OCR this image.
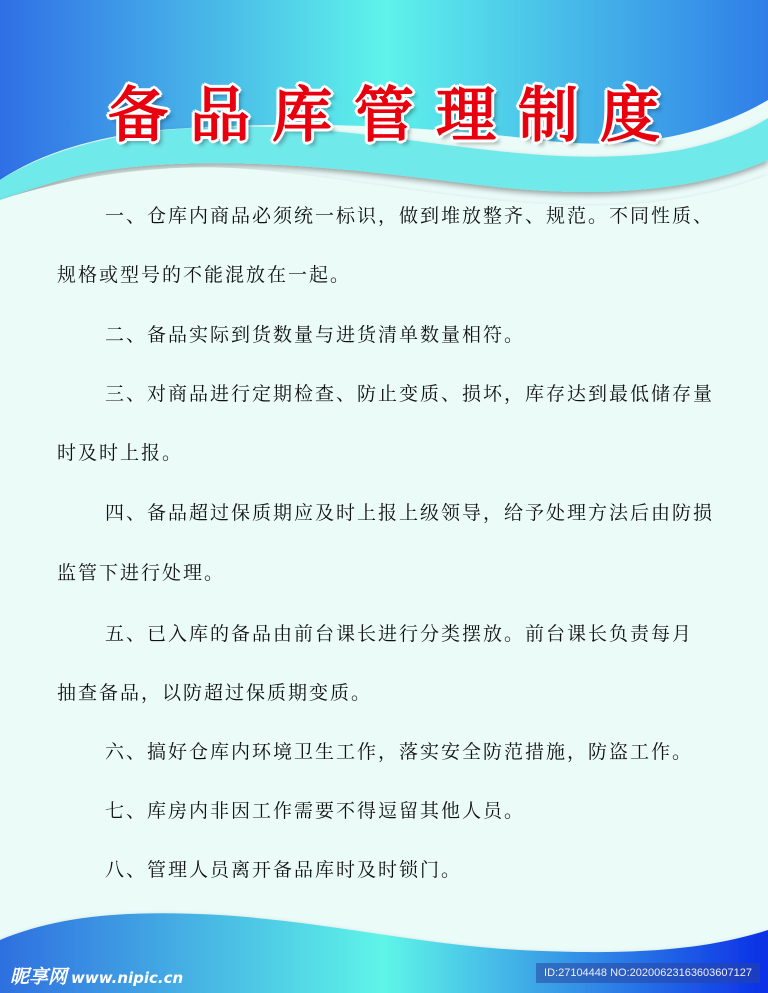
备品库管理制度
一、仓库内商品必须统一标识，做到堆放整齐、规范。不同性质、
规格或型号的不能混放在一起。
二、备品实际到货数量与进货清单数量相符。
三、对商品进行定期检查、防止变质、损坏，库存达到最低储存量
时及时上报。
四、备品超过保质期应及时上报上级领导，给予处理方法后由防损
监管下进行处理。
五、已入库的备品由前台课长进行分类摆放。前台课长负责每月
抽查备品，以防超过保质期变质。
六、搞好仓库内环境卫生工作，落实安全防范措施，防盗工作。
七、库房内非因工作需要不得逗留其他人员。
八、管理人员离开备品库时及时锁门。
昵享网 www.nipic.cn	ID:27104448 NO:20200623163603607127
